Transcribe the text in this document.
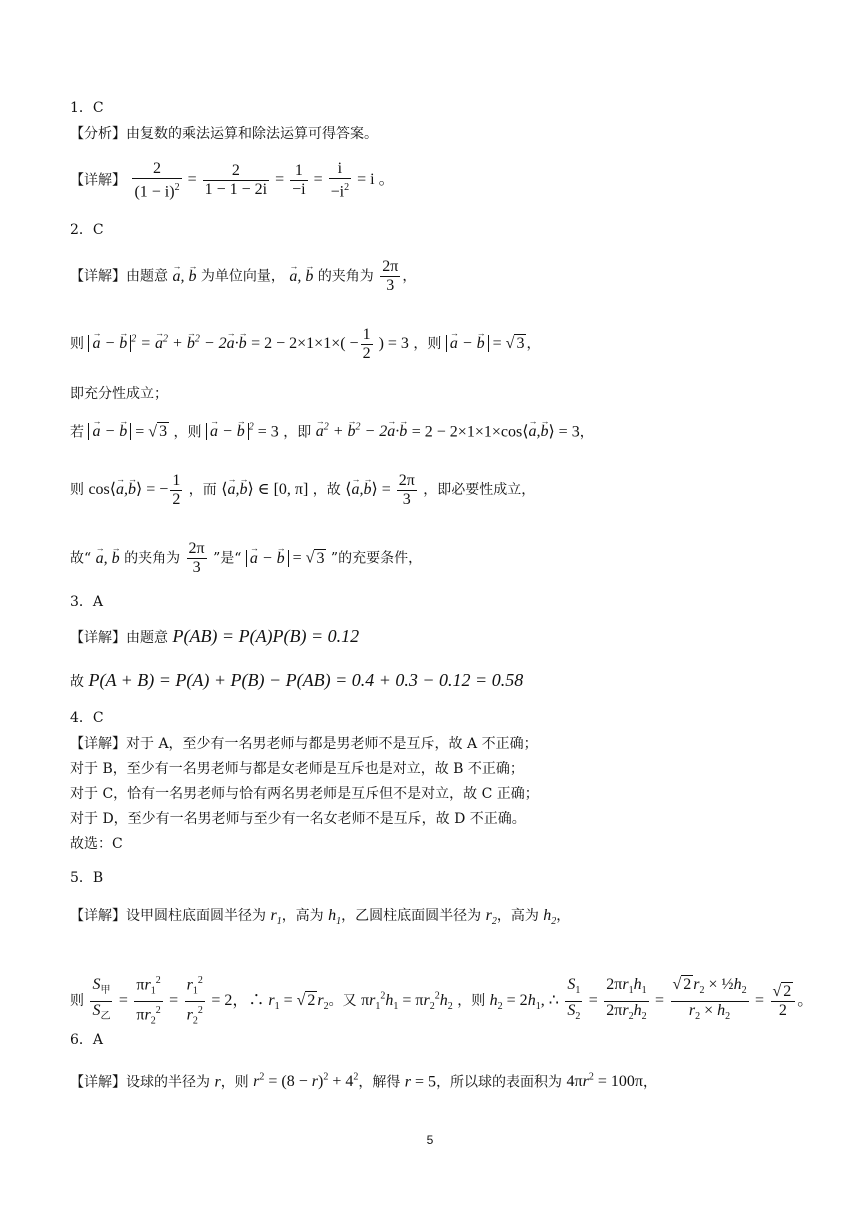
1．C
【分析】由复数的乘法运算和除法运算可得答案。
【详解】 $\frac{2}{(1 - i)^2} = \frac{2}{1 - 1 - 2i} = \frac{1}{-i} = \frac{i}{-i^2} = i$ 。
2．C
【详解】由题意 → a, → b 为单位向量， → a, → b 的夹角为 $\frac{2\pi}{3}$ ，
则 → a − → b $^2$ = → $a^2$ + → $b^2 - 2\to a\cdot\to b = 2 - 2\times 1\times 1\times( - \frac{1}{2}$ ) = 3 ，则 → a − → b = √ 3 ，
即充分性成立；
若 → a − → b = √ 3 ，则 → a − → b $^2$ = 3 ，即 → $a^2$ + → $b^2 - 2\to a\cdot\to b = 2$ − 2×1×1×cos⟨→ a,→ b⟩ = 3，
则 cos⟨→ a,→ b⟩ = − $\frac{1}{2}$ ，而 ⟨→ a,→ b⟩ ∈ [0, π] ，故 ⟨→ a,→ b⟩ = $\frac{2\pi}{3}$ ，即必要性成立，
故“ → a, → b 的夹角为 $\frac{2\pi}{3}$ ”是“ → a − → b = √ 3 ”的充要条件，
3．A
【详解】由题意 P(AB) = P(A)P(B) = 0.12
故 P(A + B) = P(A) + P(B) − P(AB) = 0.4 + 0.3 − 0.12 = 0.58
4．C
【详解】对于 A，至少有一名男老师与都是男老师不是互斥，故 A 不正确；
对于 B，至少有一名男老师与都是女老师是互斥也是对立，故 B 不正确；
对于 C，恰有一名男老师与恰有两名男老师是互斥但不是对立，故 C 正确；
对于 D，至少有一名男老师与至少有一名女老师不是互斥，故 D 不正确。
故选：C
5．B
【详解】设甲圆柱底面圆半径为 $r_1$，高为 $h_1$，乙圆柱底面圆半径为 $r_2$，高为 $h_2$，
则 $\frac{S_甲}{S_乙} = \frac{\pi r_1^2}{\pi r_2^2} = \frac{r_1^2}{r_2^2} = 2$，∴ $r_1$ = √ 2 $r_2$。又 $\pi r_1^2h_1 = \pi r_2^2h_2$ ，则 $h_2 = 2h_1$, ∴ $\frac{S_1}{S_2} = \frac{2\pi r_1h_1}{2\pi r_2h_2} = \frac{√ 2 r_2 \times \frac{1}{2}h_2}{r_2 \times h_2} = \frac{√ 2}{2}$ 。
6．A
【详解】设球的半径为 r，则 $r^2 = (8 - r)^2 + 4^2$，解得 r = 5，所以球的表面积为 $4\pi r^2 = 100\pi$，
5
